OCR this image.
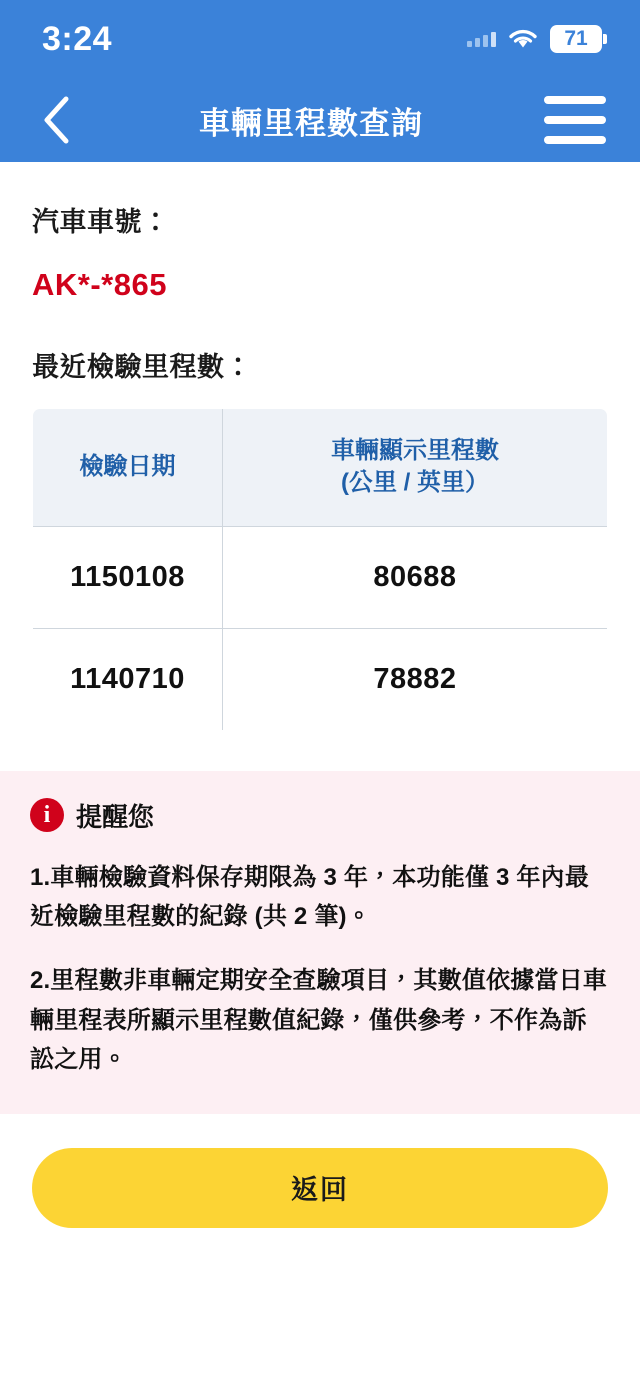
3:24	71
車輛里程數查詢
汽車車號：
AK*-*865
最近檢驗里程數：
檢驗日期	車輛顯示里程數
(公里 / 英里）

1150108	80688
1140710	78882
i 提醒您
1.車輛檢驗資料保存期限為 3 年，本功能僅 3 年內最近檢驗里程數的紀錄 (共 2 筆)。
2.里程數非車輛定期安全查驗項目，其數值依據當日車輛里程表所顯示里程數值紀錄，僅供參考，不作為訴訟之用。
返回
